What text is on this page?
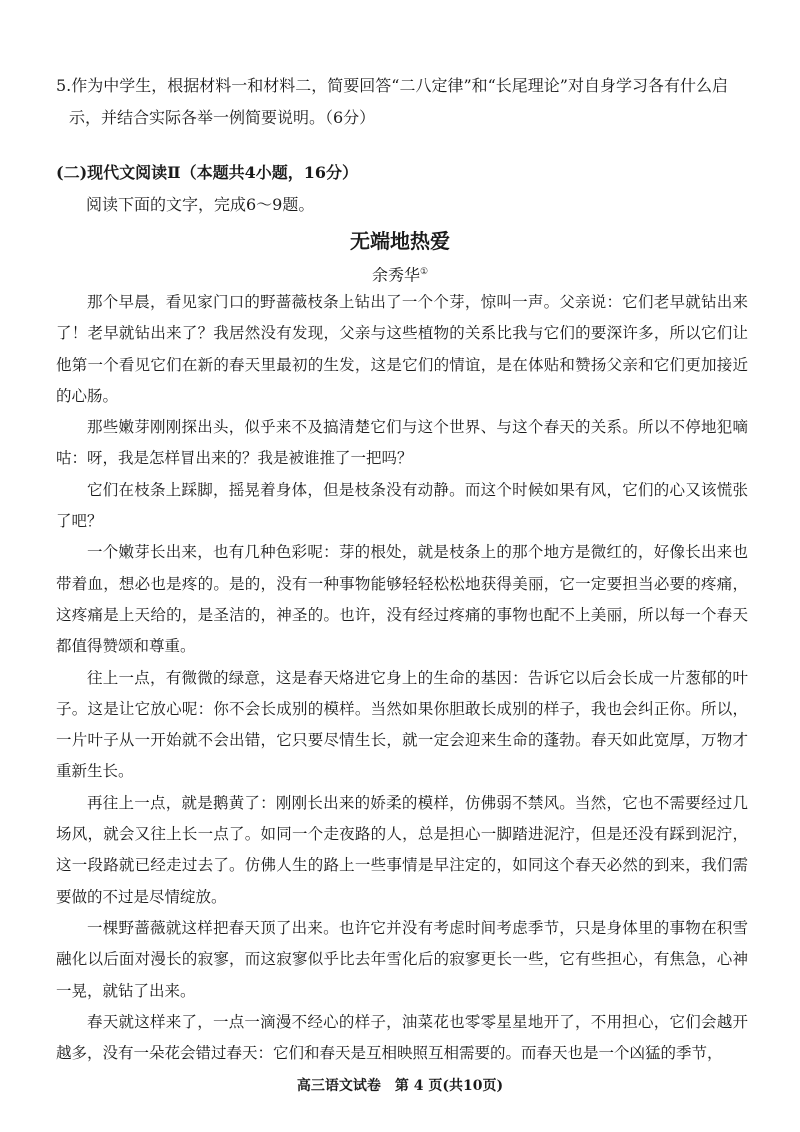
5.作为中学生，根据材料一和材料二，简要回答“二八定律”和“长尾理论”对自身学习各有什么启
示，并结合实际各举一例简要说明。（6分）
(二)现代文阅读Ⅱ（本题共4小题，16分）
阅读下面的文字，完成6～9题。
无端地热爱
余秀华①

那个早晨，看见家门口的野蔷薇枝条上钻出了一个个芽，惊叫一声。父亲说：它们老早就钻出来了！老早就钻出来了？我居然没有发现，父亲与这些植物的关系比我与它们的要深许多，所以它们让他第一个看见它们在新的春天里最初的生发，这是它们的情谊，是在体贴和赞扬父亲和它们更加接近的心肠。

那些嫩芽刚刚探出头，似乎来不及搞清楚它们与这个世界、与这个春天的关系。所以不停地犯嘀咕：呀，我是怎样冒出来的？我是被谁推了一把吗？

它们在枝条上踩脚，摇晃着身体，但是枝条没有动静。而这个时候如果有风，它们的心又该慌张了吧？

一个嫩芽长出来，也有几种色彩呢：芽的根处，就是枝条上的那个地方是微红的，好像长出来也带着血，想必也是疼的。是的，没有一种事物能够轻轻松松地获得美丽，它一定要担当必要的疼痛，这疼痛是上天给的，是圣洁的，神圣的。也许，没有经过疼痛的事物也配不上美丽，所以每一个春天都值得赞颂和尊重。

往上一点，有微微的绿意，这是春天烙进它身上的生命的基因：告诉它以后会长成一片葱郁的叶子。这是让它放心呢：你不会长成别的模样。当然如果你胆敢长成别的样子，我也会纠正你。所以，一片叶子从一开始就不会出错，它只要尽情生长，就一定会迎来生命的蓬勃。春天如此宽厚，万物才重新生长。

再往上一点，就是鹅黄了：刚刚长出来的娇柔的模样，仿佛弱不禁风。当然，它也不需要经过几场风，就会又往上长一点了。如同一个走夜路的人，总是担心一脚踏进泥泞，但是还没有踩到泥泞，这一段路就已经走过去了。仿佛人生的路上一些事情是早注定的，如同这个春天必然的到来，我们需要做的不过是尽情绽放。

一棵野蔷薇就这样把春天顶了出来。也许它并没有考虑时间考虑季节，只是身体里的事物在积雪融化以后面对漫长的寂寥，而这寂寥似乎比去年雪化后的寂寥更长一些，它有些担心，有焦急，心神一晃，就钻了出来。

春天就这样来了，一点一滴漫不经心的样子，油菜花也零零星星地开了，不用担心，它们会越开越多，没有一朵花会错过春天：它们和春天是互相映照互相需要的。而春天也是一个凶猛的季节，

高三语文试卷　第 4 页(共10页)
